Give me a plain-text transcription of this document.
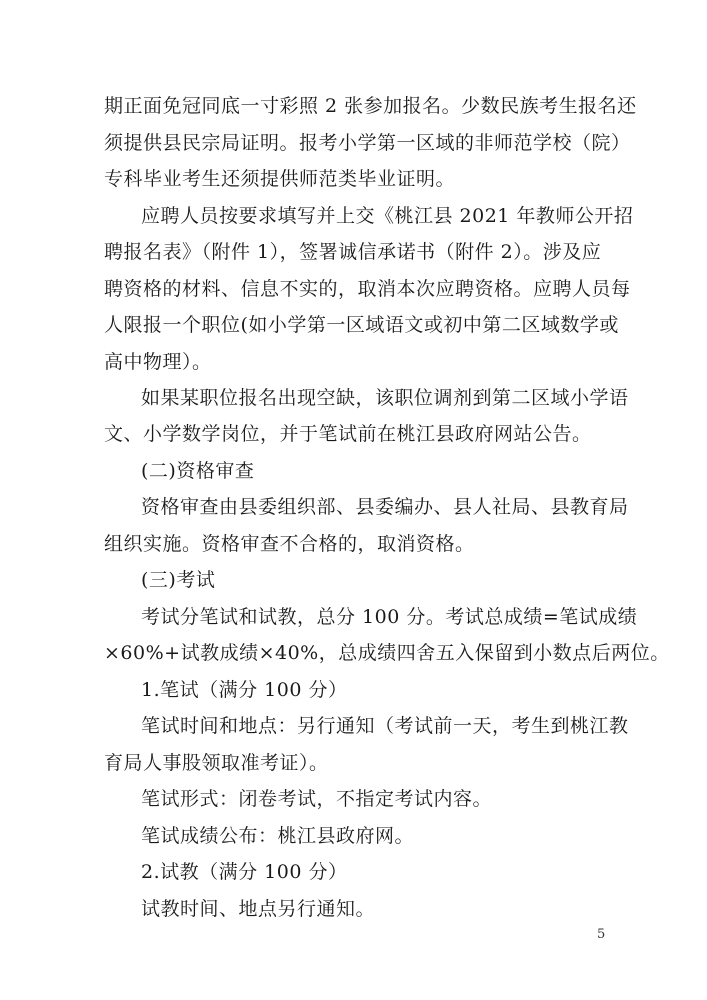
期正面免冠同底一寸彩照 2 张参加报名。少数民族考生报名还
须提供县民宗局证明。报考小学第一区域的非师范学校（院）
专科毕业考生还须提供师范类毕业证明。
应聘人员按要求填写并上交《桃江县 2021 年教师公开招
聘报名表》（附件 1），签署诚信承诺书（附件 2）。涉及应
聘资格的材料、信息不实的，取消本次应聘资格。应聘人员每
人限报一个职位(如小学第一区域语文或初中第二区域数学或
高中物理）。
如果某职位报名出现空缺，该职位调剂到第二区域小学语
文、小学数学岗位，并于笔试前在桃江县政府网站公告。
(二)资格审查
资格审查由县委组织部、县委编办、县人社局、县教育局
组织实施。资格审查不合格的，取消资格。
(三)考试
考试分笔试和试教，总分 100 分。考试总成绩=笔试成绩
×60%+试教成绩×40%，总成绩四舍五入保留到小数点后两位。
1.笔试（满分 100 分）
笔试时间和地点：另行通知（考试前一天，考生到桃江教
育局人事股领取准考证）。
笔试形式：闭卷考试，不指定考试内容。
笔试成绩公布：桃江县政府网。
2.试教（满分 100 分）
试教时间、地点另行通知。
5
